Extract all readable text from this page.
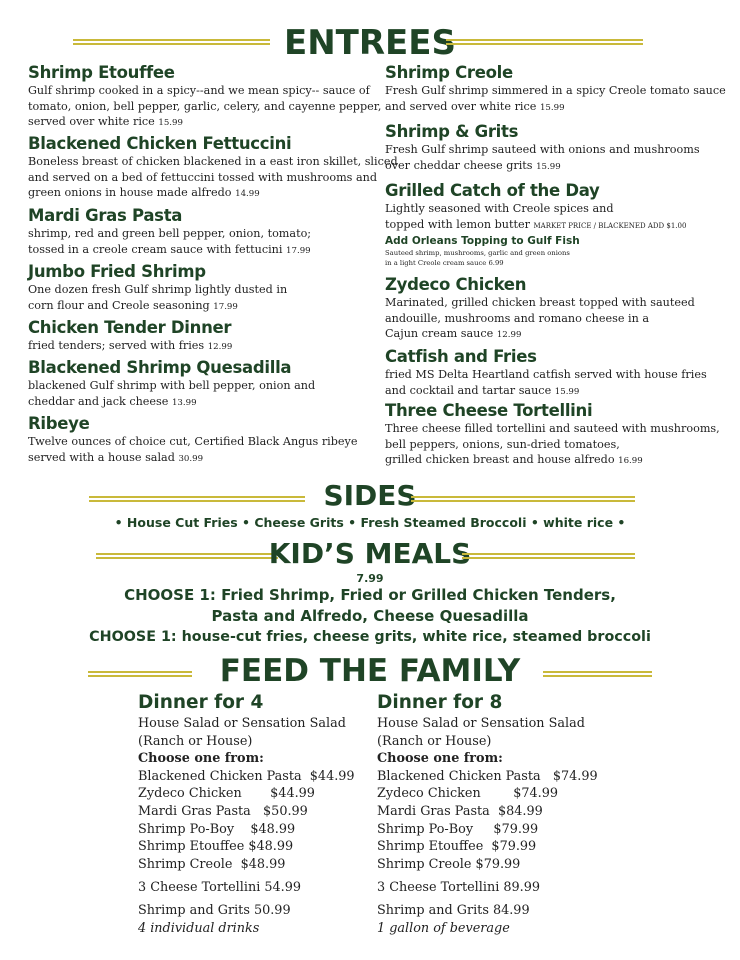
ENTREES
Shrimp Etouffee
Gulf shrimp cooked in a spicy--and we mean spicy-- sauce of
tomato, onion, bell pepper, garlic, celery, and cayenne pepper,
served over white rice 15.99
Blackened Chicken Fettuccini
Boneless breast of chicken blackened in a east iron skillet, sliced
and served on a bed of fettuccini tossed with mushrooms and
green onions in house made alfredo 14.99
Mardi Gras Pasta
shrimp, red and green bell pepper, onion, tomato;
tossed in a creole cream sauce with fettucini 17.99
Jumbo Fried Shrimp
One dozen fresh Gulf shrimp lightly dusted in
corn flour and Creole seasoning 17.99
Chicken Tender Dinner
fried tenders; served with fries 12.99
Blackened Shrimp Quesadilla
blackened Gulf shrimp with bell pepper, onion and
cheddar and jack cheese 13.99
Ribeye
Twelve ounces of choice cut, Certified Black Angus ribeye
served with a house salad 30.99
Shrimp Creole
Fresh Gulf shrimp simmered in a spicy Creole tomato sauce
and served over white rice 15.99
Shrimp & Grits
Fresh Gulf shrimp sauteed with onions and mushrooms
over cheddar cheese grits 15.99
Grilled Catch of the Day
Lightly seasoned with Creole spices and
topped with lemon butter MARKET PRICE / BLACKENED ADD $1.00
Add Orleans Topping to Gulf Fish
Sauteed shrimp, mushrooms, garlic and green onions
in a light Creole cream sauce 6.99
Zydeco Chicken
Marinated, grilled chicken breast topped with sauteed
andouille, mushrooms and romano cheese in a
Cajun cream sauce 12.99
Catfish and Fries
fried MS Delta Heartland catfish served with house fries
and cocktail and tartar sauce 15.99
Three Cheese Tortellini
Three cheese filled tortellini and sauteed with mushrooms,
bell peppers, onions, sun-dried tomatoes,
grilled chicken breast and house alfredo 16.99
SIDES
• House Cut Fries • Cheese Grits • Fresh Steamed Broccoli • white rice •
KID’S MEALS
7.99
CHOOSE 1: Fried Shrimp, Fried or Grilled Chicken Tenders,
Pasta and Alfredo, Cheese Quesadilla
CHOOSE 1: house-cut fries, cheese grits, white rice, steamed broccoli
FEED THE FAMILY
Dinner for 4
House Salad or Sensation Salad
(Ranch or House)
Choose one from:
Blackened Chicken Pasta $44.99
Zydeco Chicken $44.99
Mardi Gras Pasta $50.99
Shrimp Po-Boy $48.99
Shrimp Etouffee $48.99
Shrimp Creole $48.99
3 Cheese Tortellini 54.99
Shrimp and Grits 50.99
4 individual drinks
Dinner for 8
House Salad or Sensation Salad
(Ranch or House)
Choose one from:
Blackened Chicken Pasta $74.99
Zydeco Chicken	$74.99
Mardi Gras Pasta $84.99
Shrimp Po-Boy $79.99
Shrimp Etouffee $79.99
Shrimp Creole $79.99
3 Cheese Tortellini 89.99
Shrimp and Grits 84.99
1 gallon of beverage
